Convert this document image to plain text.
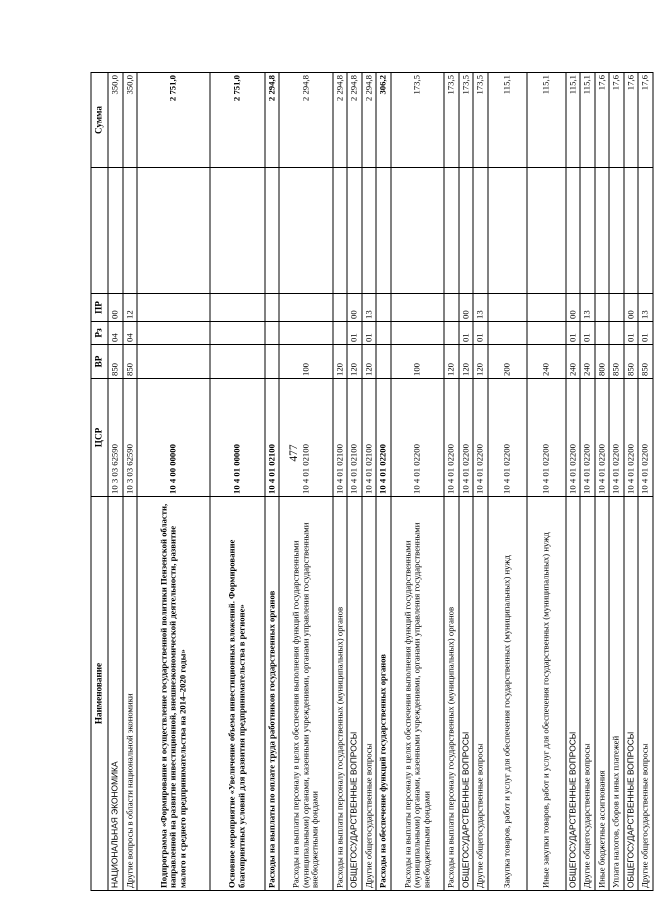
477
Наименование	ЦСР	ВР	Рз	ПР		Сумма
НАЦИОНАЛЬНАЯ ЭКОНОМИКА	10 3 03 62590	850	04	00		350,0
Другие вопросы в области национальной экономики	10 3 03 62590	850	04	12		350,0
Подпрограмма «Формирование и осуществление государственной политики Пензенской области, направленной на развитие инвестиционной, внешнеэкономической деятельности, развитие малого и среднего предпринимательства на 2014–2020 годы»	10 4 00 00000					2 751,0
Основное мероприятие «Увеличение объема инвестиционных вложений. Формирование благоприятных условий для развития предпринимательства в регионе»	10 4 01 00000					2 751,0
Расходы на выплаты по оплате труда работников государственных органов	10 4 01 02100					2 294,8
Расходы на выплаты персоналу в целях обеспечения выполнения функций государственными (муниципальными) органами, казенными учреждениями, органами управления государственными внебюджетными фондами	10 4 01 02100	100				2 294,8
Расходы на выплаты персоналу государственных (муниципальных) органов	10 4 01 02100	120				2 294,8
ОБЩЕГОСУДАРСТВЕННЫЕ ВОПРОСЫ	10 4 01 02100	120	01	00		2 294,8
Другие общегосударственные вопросы	10 4 01 02100	120	01	13		2 294,8
Расходы на обеспечение функций государственных органов	10 4 01 02200					306,2
Расходы на выплаты персоналу в целях обеспечения выполнения функций государственными (муниципальными) органами, казенными учреждениями, органами управления государственными внебюджетными фондами	10 4 01 02200	100				173,5
Расходы на выплаты персоналу государственных (муниципальных) органов	10 4 01 02200	120				173,5
ОБЩЕГОСУДАРСТВЕННЫЕ ВОПРОСЫ	10 4 01 02200	120	01	00		173,5
Другие общегосударственные вопросы	10 4 01 02200	120	01	13		173,5
Закупка товаров, работ и услуг для обеспечения государственных (муниципальных) нужд	10 4 01 02200	200				115,1
Иные закупки товаров, работ и услуг для обеспечения государственных (муниципальных) нужд	10 4 01 02200	240				115,1
ОБЩЕГОСУДАРСТВЕННЫЕ ВОПРОСЫ	10 4 01 02200	240	01	00		115,1
Другие общегосударственные вопросы	10 4 01 02200	240	01	13		115,1
Иные бюджетные ассигнования	10 4 01 02200	800				17,6
Уплата налогов, сборов и иных платежей	10 4 01 02200	850				17,6
ОБЩЕГОСУДАРСТВЕННЫЕ ВОПРОСЫ	10 4 01 02200	850	01	00		17,6
Другие общегосударственные вопросы	10 4 01 02200	850	01	13		17,6
